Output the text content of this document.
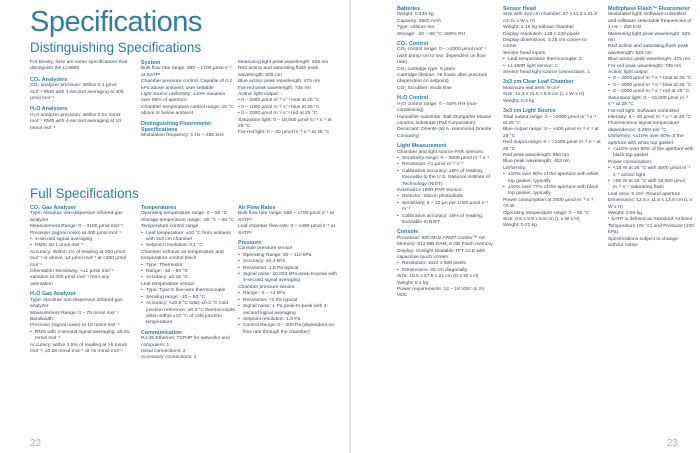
Specifications
Distinguishing Specifications
For brevity, here are some specifications that distinguish the LI-6800.
CO₂ Analyzers
CO₂ analyzer precision: Within 0.1 µmol mol⁻¹ RMS with 4-second averaging at 400 µmol mol⁻¹
H₂O Analyzers
H₂O analyzer precision: Within 0.01 mmol mol⁻¹ RMS with 4-second averaging at 10 mmol mol⁻¹
System
Bulk flow rate range: 680 – 1700 µmol s⁻¹ at SATP¹
Chamber pressure control: Capable of 0.2 kPa above ambient; user settable
Light source uniformity: ±10% variation over 90% of aperture
Chamber temperature control range: 10 °C above or below ambient
Distinguishing Fluorometer Specifications
Modulation frequency: 1 Hz – 250 kHz
Measuring light peak wavelength: 625 nm
Red actinic and saturating flash peak wavelength: 625 nm
Blue actinic peak wavelength: 475 nm
Far-red peak wavelength: 735 nm
Actinic light output:
• 0 – 3000 µmol m⁻² s⁻¹ total at 25 °C
• 0 – 1000 µmol m⁻² s⁻¹ blue at 25 °C
• 0 – 2000 µmol m⁻² s⁻¹ red at 25 °C
Saturation light: 0 – 16,000 µmol m⁻² s⁻¹ at 25 °C
Far-red light: 0 – 30 µmol m⁻² s⁻¹ at 25 °C
Full Specifications
CO₂ Gas Analyzer
Type: Absolute non-dispersive infrared gas analyzer
Measurement Range: 0 – 3100 µmol mol⁻¹
Precision (signal noise) at 400 µmol mol⁻¹
• 4-second signal averaging
• RMS: ≤0.1 µmol mol⁻¹
Accuracy: Within 1% of reading at 200 µmol mol⁻¹ or above, ±2 µmol mol⁻¹ at <200 µmol mol⁻¹
Orientation Sensitivity: <±1 µmol mol⁻¹ variation at 400 µmol mol⁻¹ from any orientation
H₂O Gas Analyzer
Type: Absolute non-dispersive infrared gas analyzer
Measurement Range: 0 – 75 mmol mol⁻¹
Bandwidth:
Precision (signal noise) at 10 mmol mol⁻¹
• RMS with 4-second signal averaging: ≤0.01 mmol mol⁻¹
Accuracy: within 1.5% of reading at >5 mmol mol⁻¹; ±0.08 mmol mol⁻¹ at <5 mmol mol⁻¹
Temperatures
Operating temperature range: 0 – 50 °C
Storage temperature range: -20 °C – 60 °C
Temperature control range
• Leaf temperature: ±10 °C from ambient with 3x3 cm chamber
• Setpoint resolution: 0.1 °C
Chamber exhaust air temperature and temperature control block
• Type: Thermistor
• Range: -10 – 60 °C
• Accuracy: ±0.15 °C
Leaf temperature sensor
• Type: Type E fine-wire thermocouple
• Sensing range: -10 – 60 °C
• Accuracy: <±0.5 °C total; ±0.2 °C cold junction reference; ±0.3 °C thermocouple when within ±10 °C of cold junction temperature
Communication
RJ-45 Ethernet; TCP/IP for networks and computers: 1
Head connections: 2
Accessory connections: 2
Air Flow Rates
Bulk flow rate range: 680 – 1700 µmol s⁻¹ at SATP¹
Leaf chamber flow rate: 0 – 1400 µmol s⁻¹ at SATP¹
Pressure
Console pressure sensor
• Operating Range: 50 – 110 kPa
• Accuracy: ±0.4 kPa
• Resolution: 1.5 Pa typical
• Signal noise: ≤0.004 kPa peak-to-peak with 4-second signal averaging
Chamber pressure sensor
• Range: -2 – +2 kPa
• Resolution: <1 Pa typical
• Signal noise: 1 Pa peak-to-peak with 4-second signal averaging
• Setpoint resolution: 1.0 Pa
• Control Range: 0 – 200 Pa (dependent on flow rate through the chamber)
22
Batteries
Weight: 0.435 kg
Capacity: 6900 mAh
Type: Lithium Ion
Storage: -20 – 60 °C; ≤80% RH
CO₂ Control
CO₂ control range: 0 – >2000 µmol mol⁻¹ (with pump set to low; dependent on flow rate)
CO₂ cartridge type: 8 gram
Cartridge lifetime: >8 hours after puncture (dependent on setpoint)
CO₂ Scrubber: Soda lime
H₂O Control
H₂O control range: 0 – 50% RH (non-condensing)
Humidifier substrate: Ball Stuttgarter Masse ceramic substrate (Pall Corporation)
Desiccant: Drierite (W.A. Hammond Drierite Company)
Light Measurement
Chamber and light source PAR sensors:
• Sensitivity range: 0 – 3000 µmol m⁻² s⁻¹
• Resolution: <1 µmol m⁻² s⁻¹
• Calibration accuracy: ±5% of reading, traceable to the U.S. National Institute of Technology (NIST)
External LI-190R PAR Sensor:
• Detector: Silicon photodiode
• Sensitivity: 5 – 10 µA per 1000 µmol s⁻¹ m⁻²
• Calibration accuracy: ±5% of reading, traceable to NIST
Console
Processor: 800 MHz ARM® Cortex™ A8
Memory: 512 MB RAM; 8 GB Flash memory
Display: Sunlight readable TFT LCD with capacitive touch screen
• Resolution: 1024 x 600 pixels
• Dimensions: 26 cm diagonally
Size: 18.5 x 27.5 x 21 cm (D x W x H)
Weight: 6.1 kg
Power requirements: 12 – 18 VDC or 24 VDC
Sensor Head
Size with 3x3 cm chamber: 37 x 11.5 x 21.6 cm (L x W x H)
Weight: 2.15 kg without chamber
Display resolution: 128 x 128 pixels
Display dimensions: 3.15 cm corner-to-corner
Sensor head inputs
• Leaf temperature thermocouple: 2
• LI-190R light sensor: 1
Sensor head light source connections: 1
3x3 cm Clear Leaf Chamber
Maximum leaf area: 9 cm²
Size: 11.3 x 11.5 x 5.9 cm (L x W x H)
Weight: 0.3 kg
3x3 cm Light Source
Total output range: 0 – >2000 µmol m⁻² s⁻¹ at 25 °C
Blue output range: 0 – >400 µmol m⁻² s⁻¹ at 25 °C
Red output range: 0 – >1600 µmol m⁻² s⁻¹ at 25 °C
Red peak wavelength: 660 nm
Blue peak wavelength: 453 nm
Uniformity:
• ±10% over 90% of the aperture with white top gasket, typically
• ±10% over 77% of the aperture with black top gasket, typically
Power consumption at 2000 µmol m⁻² s⁻¹: <5 W
Operating temperature range: 0 – 50 °C
Size: 6.6 x 5.9 x 5.8 cm (L x W x H)
Weight: 0.21 kg
Multiphase Flash™ Fluorometer
Modulated light: Software controlled and software selectable frequencies of 1 Hz – 250 kHz
Measuring light peak wavelength: 625 nm
Red actinic and saturating flash peak wavelength: 625 nm
Blue actinic peak wavelength: 475 nm
Far-red peak wavelength: 735 nm
Actinic light output
• 0 – 3000 µmol m⁻² s⁻¹ total at 25 °C
• 0 – 3000 µmol m⁻² s⁻¹ blue at 25 °C
• 0 – 2000 µmol m⁻² s⁻¹ red at 25 °C
Saturation light: 0 – 16,000 µmol m⁻² s⁻¹ at 25 °C
Far-red light: Software controlled intensity: 0 – 20 µmol m⁻² s⁻¹ at 25 °C
Fluorescence signal temperature dependence: 0.25% per °C
Uniformity: <±10% over 90% of the aperture with white top gasket
• <±10% over 90% of the aperture with black top gasket
Power consumption:
• <18 W at 25 °C with 3000 µmol m⁻² s⁻¹ actinic light
• <60 W at 25 °C with 16,000 µmol m⁻² s⁻¹ saturating flash
Leaf area: 6 cm², Round aperture
Dimensions: 12.5 x 11.5 x 13.6 cm (L x W x H)
Weight: 0.66 kg
¹ SATP is defined as Standard Ambient Temperature (25 °C) and Pressure (100 kPa).
Specifications subject to change without notice
23
